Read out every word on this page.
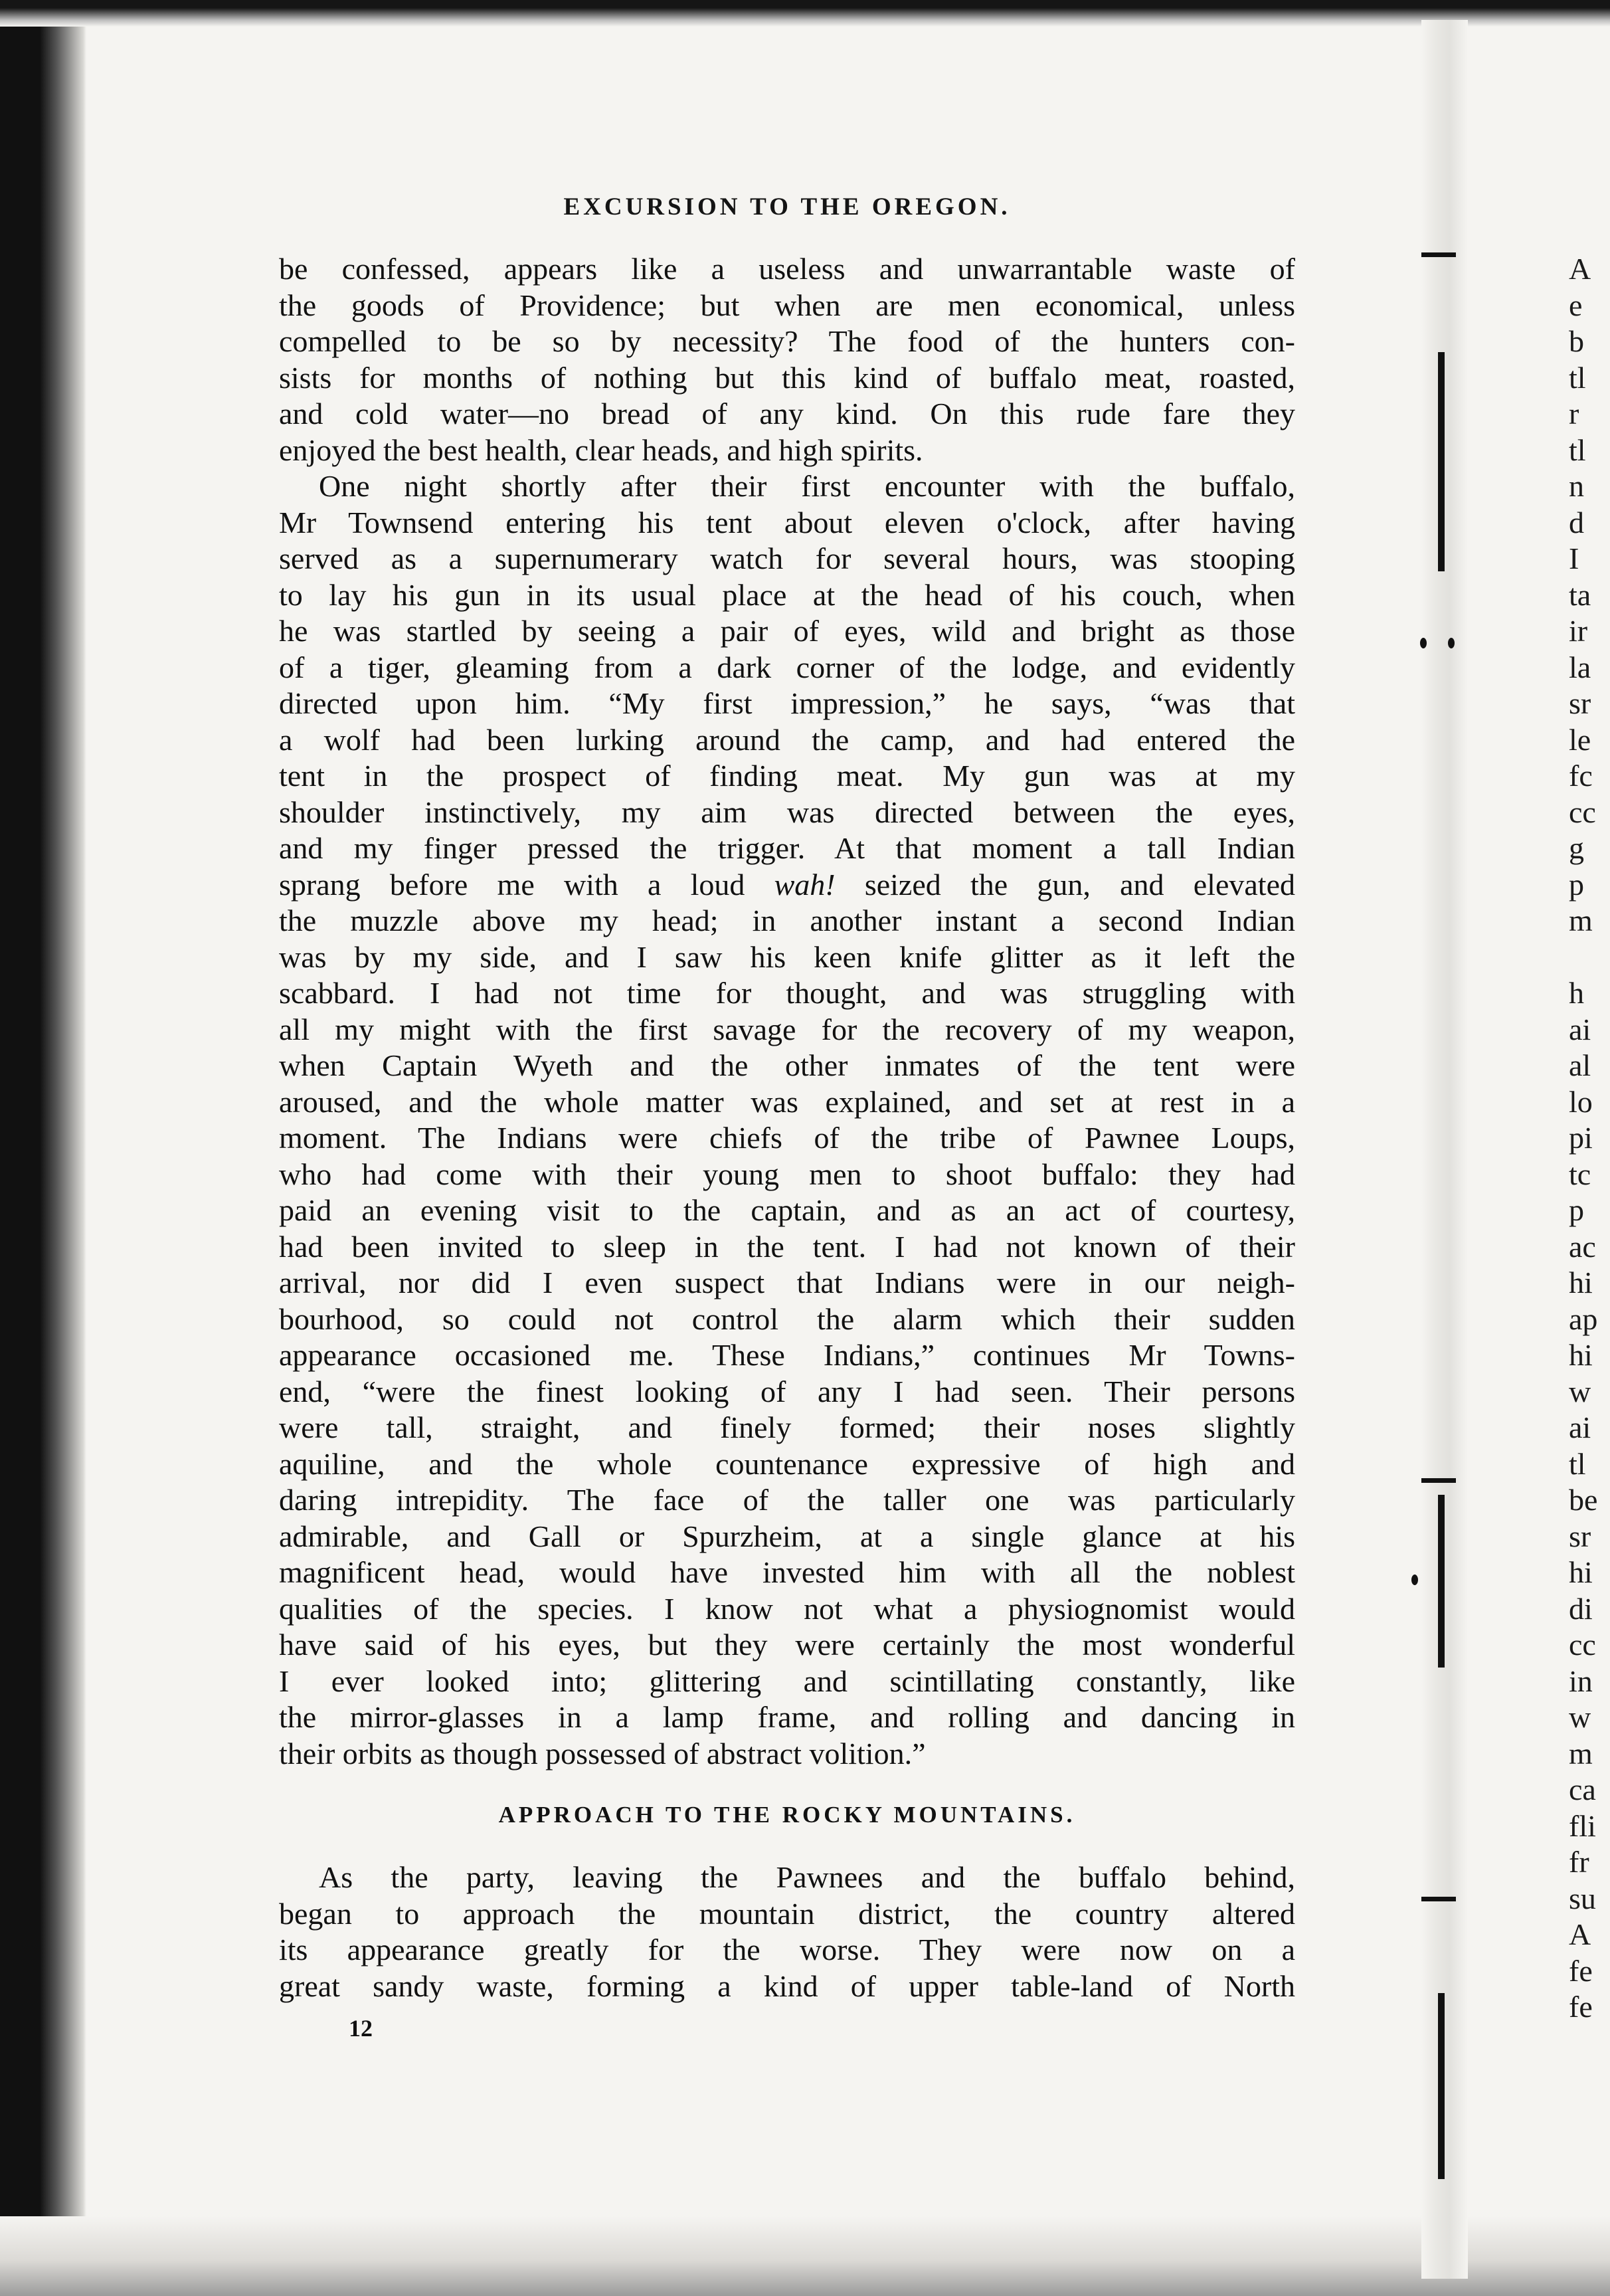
EXCURSION TO THE OREGON.
be confessed, appears like a useless and unwarrantable waste of
the goods of Providence; but when are men economical, unless
compelled to be so by necessity? The food of the hunters con-
sists for months of nothing but this kind of buffalo meat, roasted,
and cold water—no bread of any kind. On this rude fare they
enjoyed the best health, clear heads, and high spirits.
One night shortly after their first encounter with the buffalo,
Mr Townsend entering his tent about eleven o'clock, after having
served as a supernumerary watch for several hours, was stooping
to lay his gun in its usual place at the head of his couch, when
he was startled by seeing a pair of eyes, wild and bright as those
of a tiger, gleaming from a dark corner of the lodge, and evidently
directed upon him. “My first impression,” he says, “was that
a wolf had been lurking around the camp, and had entered the
tent in the prospect of finding meat. My gun was at my
shoulder instinctively, my aim was directed between the eyes,
and my finger pressed the trigger. At that moment a tall Indian
sprang before me with a loud wah! seized the gun, and elevated
the muzzle above my head; in another instant a second Indian
was by my side, and I saw his keen knife glitter as it left the
scabbard. I had not time for thought, and was struggling with
all my might with the first savage for the recovery of my weapon,
when Captain Wyeth and the other inmates of the tent were
aroused, and the whole matter was explained, and set at rest in a
moment. The Indians were chiefs of the tribe of Pawnee Loups,
who had come with their young men to shoot buffalo: they had
paid an evening visit to the captain, and as an act of courtesy,
had been invited to sleep in the tent. I had not known of their
arrival, nor did I even suspect that Indians were in our neigh-
bourhood, so could not control the alarm which their sudden
appearance occasioned me. These Indians,” continues Mr Towns-
end, “were the finest looking of any I had seen. Their persons
were tall, straight, and finely formed; their noses slightly
aquiline, and the whole countenance expressive of high and
daring intrepidity. The face of the taller one was particularly
admirable, and Gall or Spurzheim, at a single glance at his
magnificent head, would have invested him with all the noblest
qualities of the species. I know not what a physiognomist would
have said of his eyes, but they were certainly the most wonderful
I ever looked into; glittering and scintillating constantly, like
the mirror-glasses in a lamp frame, and rolling and dancing in
their orbits as though possessed of abstract volition.”
APPROACH TO THE ROCKY MOUNTAINS.
As the party, leaving the Pawnees and the buffalo behind,
began to approach the mountain district, the country altered
its appearance greatly for the worse. They were now on a
great sandy waste, forming a kind of upper table-land of North
12
A
e
b
tl
r
tl
n
d
I
ta
ir
la
sr
le
fc
cc
g
p
m
h
ai
al
lo
pi
tc
p
ac
hi
ap
hi
w
ai
tl
be
sr
hi
di
cc
in
w
m
ca
fli
fr
su
A
fe
fe
